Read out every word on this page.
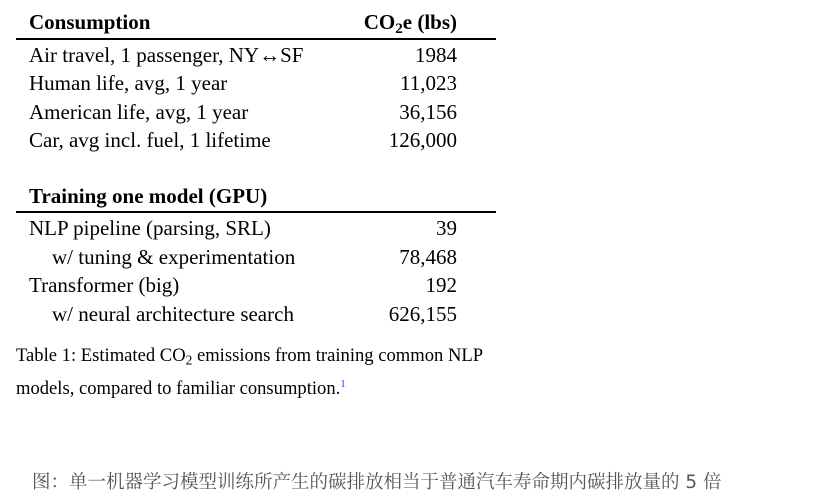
Consumption	$CO_2e$ (lbs)
Air travel, 1 passenger, NY↔SF	1984
Human life, avg, 1 year	11,023
American life, avg, 1 year	36,156
Car, avg incl. fuel, 1 lifetime	126,000
Training one model (GPU)
NLP pipeline (parsing, SRL)	39
w/ tuning & experimentation	78,468
Transformer (big)	192
w/ neural architecture search	626,155
Table 1: Estimated $CO_2$ emissions from training common NLP models, compared to familiar consumption.$^1$
图：单一机器学习模型训练所产生的碳排放相当于普通汽车寿命期内碳排放量的 5 倍
